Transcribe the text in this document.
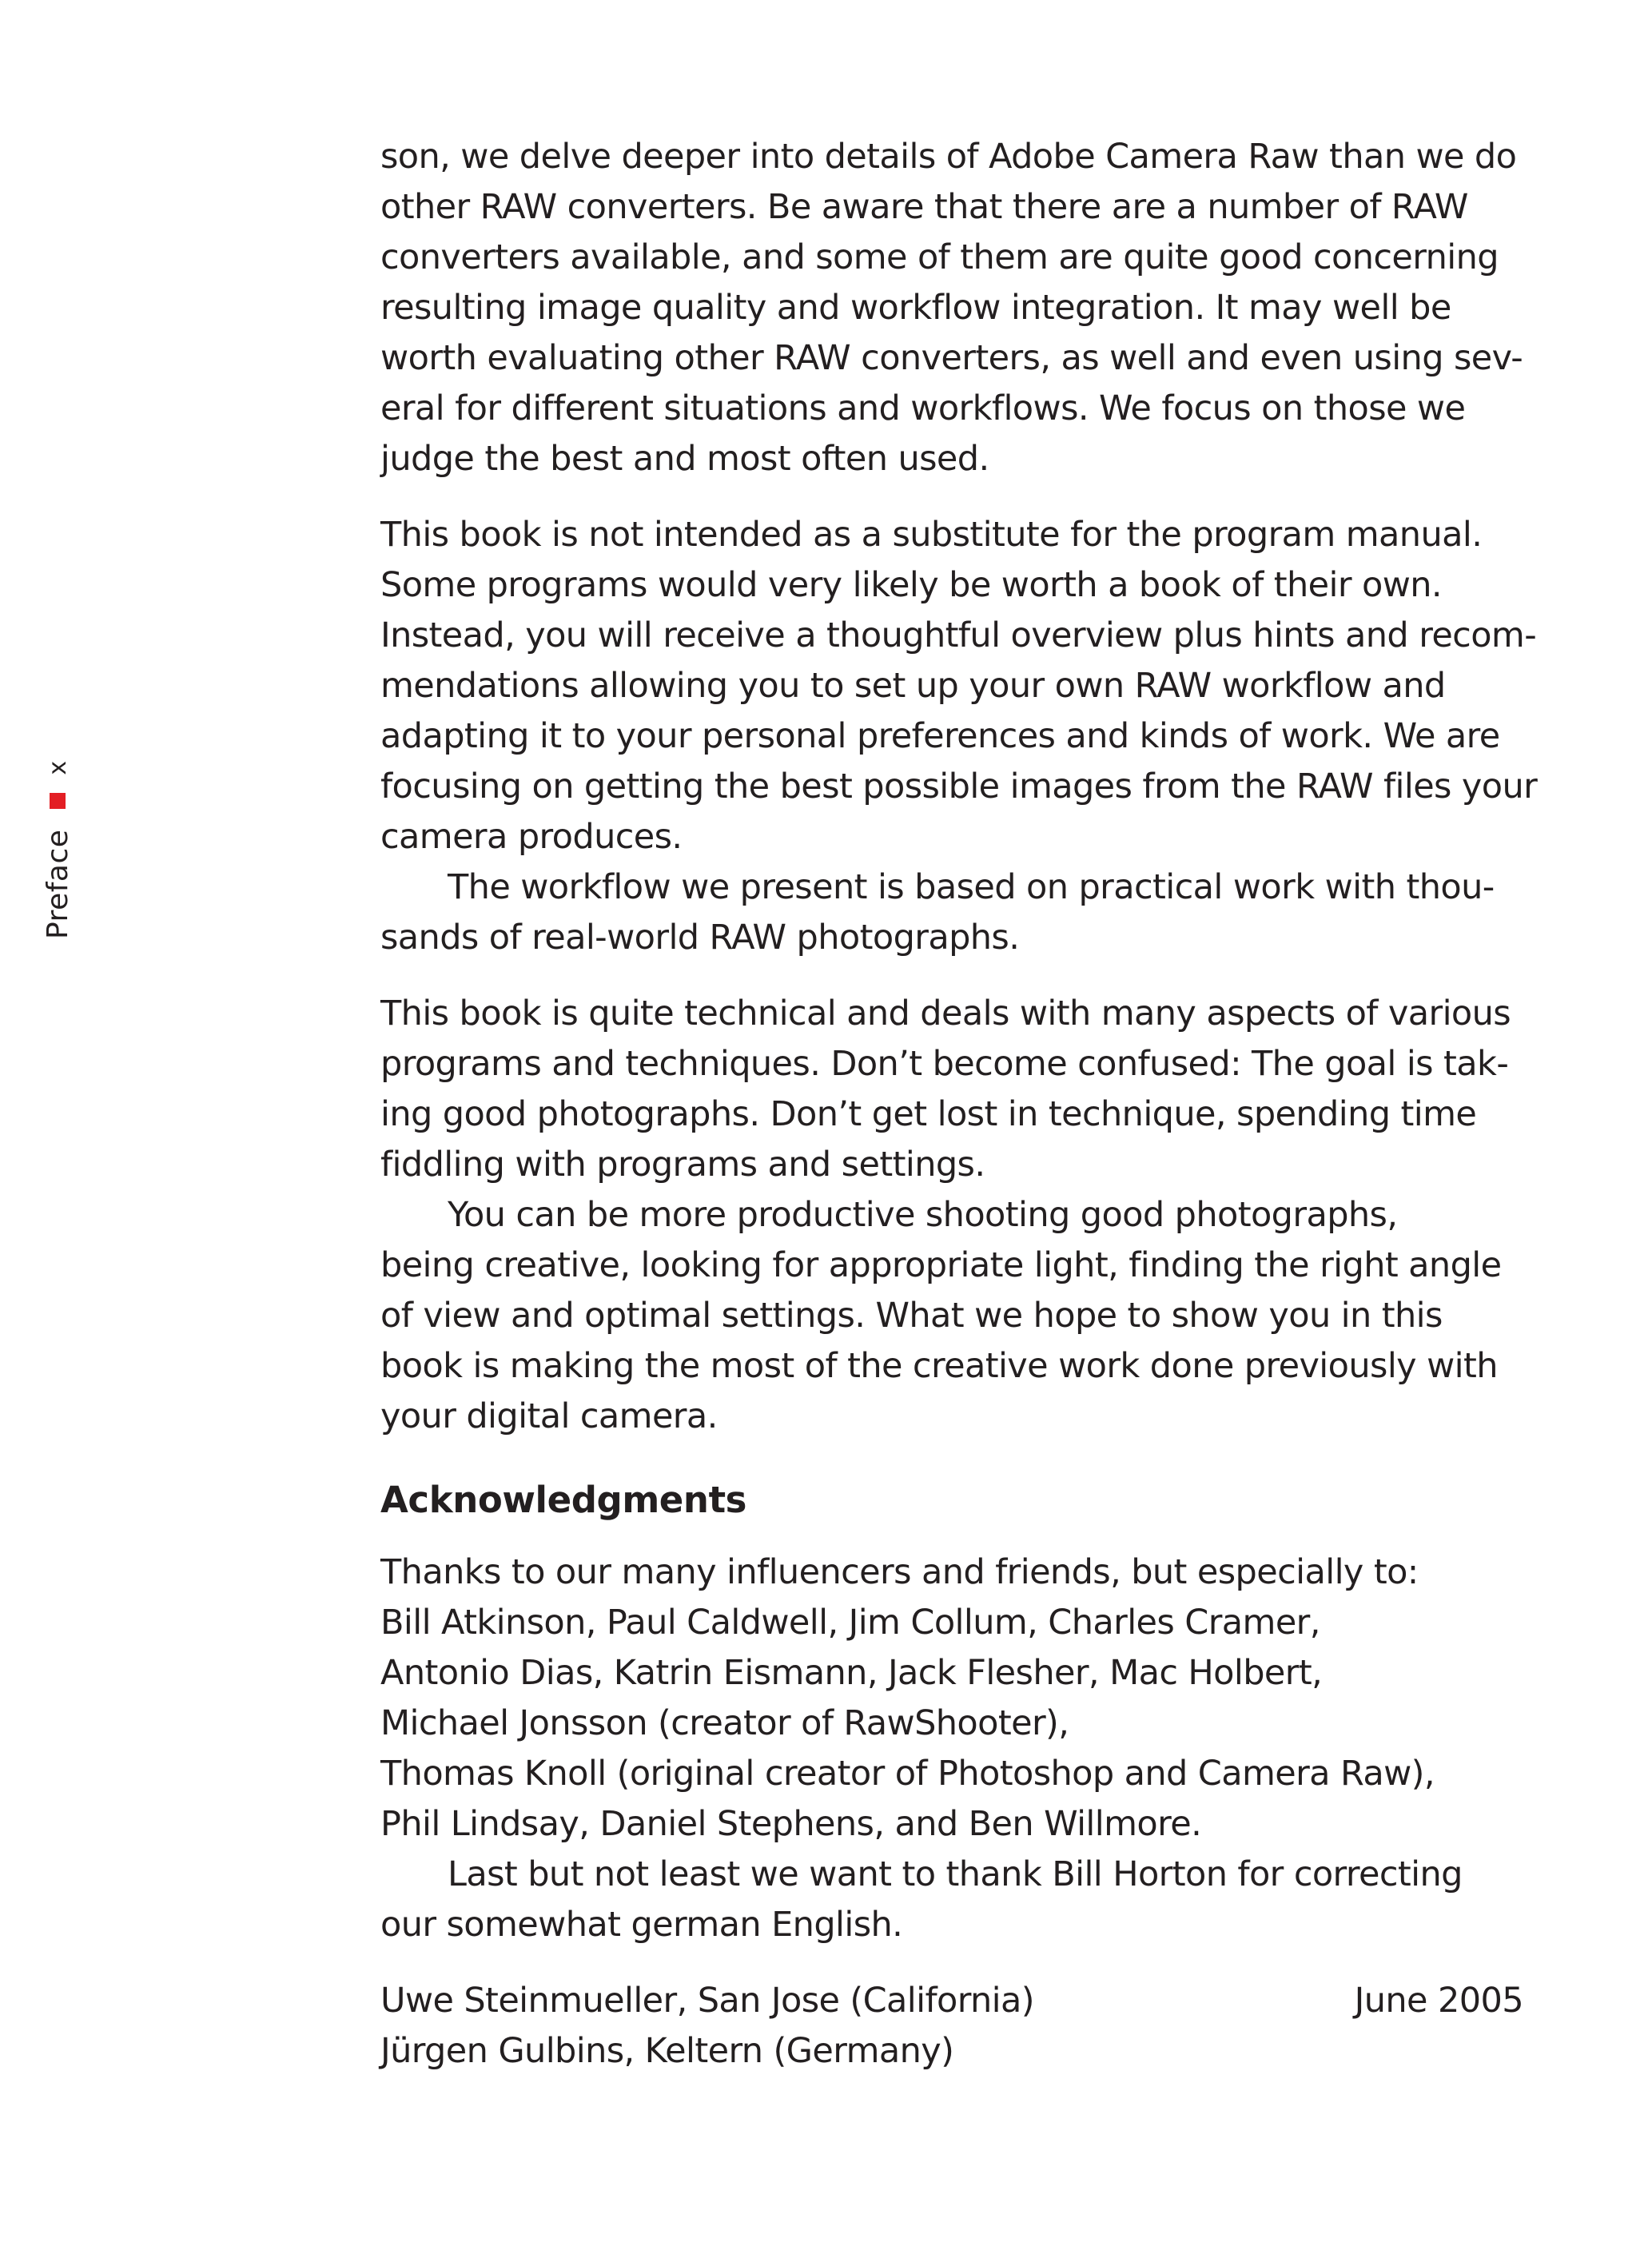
Preface
x
son, we delve deeper into details of Adobe Camera Raw than we do
other RAW converters. Be aware that there are a number of RAW
converters available, and some of them are quite good concerning
resulting image quality and workflow integration. It may well be
worth evaluating other RAW converters, as well and even using sev-
eral for different situations and workflows. We focus on those we
judge the best and most often used.
This book is not intended as a substitute for the program manual.
Some programs would very likely be worth a book of their own.
Instead, you will receive a thoughtful overview plus hints and recom-
mendations allowing you to set up your own RAW workflow and
adapting it to your personal preferences and kinds of work. We are
focusing on getting the best possible images from the RAW files your
camera produces.
The workflow we present is based on practical work with thou-
sands of real-world RAW photographs.
This book is quite technical and deals with many aspects of various
programs and techniques. Don’t become confused: The goal is tak-
ing good photographs. Don’t get lost in technique, spending time
fiddling with programs and settings.
You can be more productive shooting good photographs,
being creative, looking for appropriate light, finding the right angle
of view and optimal settings. What we hope to show you in this
book is making the most of the creative work done previously with
your digital camera.
Acknowledgments
Thanks to our many influencers and friends, but especially to:
Bill Atkinson, Paul Caldwell, Jim Collum, Charles Cramer,
Antonio Dias, Katrin Eismann, Jack Flesher, Mac Holbert,
Michael Jonsson (creator of RawShooter),
Thomas Knoll (original creator of Photoshop and Camera Raw),
Phil Lindsay, Daniel Stephens, and Ben Willmore.
Last but not least we want to thank Bill Horton for correcting
our somewhat german English.
Uwe Steinmueller, San Jose (California)	June 2005
Jürgen Gulbins, Keltern (Germany)
